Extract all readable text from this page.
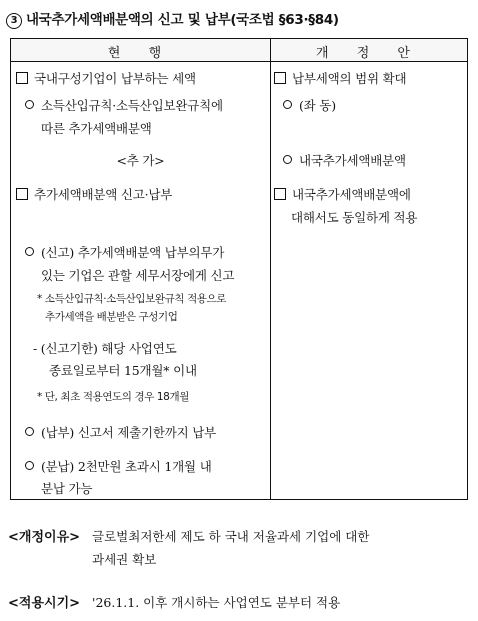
3 내국추가세액배분액의 신고 및 납부(국조법 §63·§84)
현 행	개 정 안
국내구성기업이 납부하는 세액
소득산입규칙·소득산입보완규칙에
따른 추가세액배분액
<추 가>
추가세액배분액 신고·납부
(신고) 추가세액배분액 납부의무가
있는 기업은 관할 세무서장에게 신고
* 소득산입규칙·소득산입보완규칙 적용으로
추가세액을 배분받은 구성기업
- (신고기한) 해당 사업연도
종료일로부터 15개월* 이내
* 단, 최초 적용연도의 경우 18개월
(납부) 신고서 제출기한까지 납부
(분납) 2천만원 초과시 1개월 내
분납 가능
납부세액의 범위 확대
(좌 동)
내국추가세액배분액
내국추가세액배분액에
대해서도 동일하게 적용
<개정이유> 글로벌최저한세 제도 하 국내 저율과세 기업에 대한
과세권 확보
<적용시기> '26.1.1. 이후 개시하는 사업연도 분부터 적용
